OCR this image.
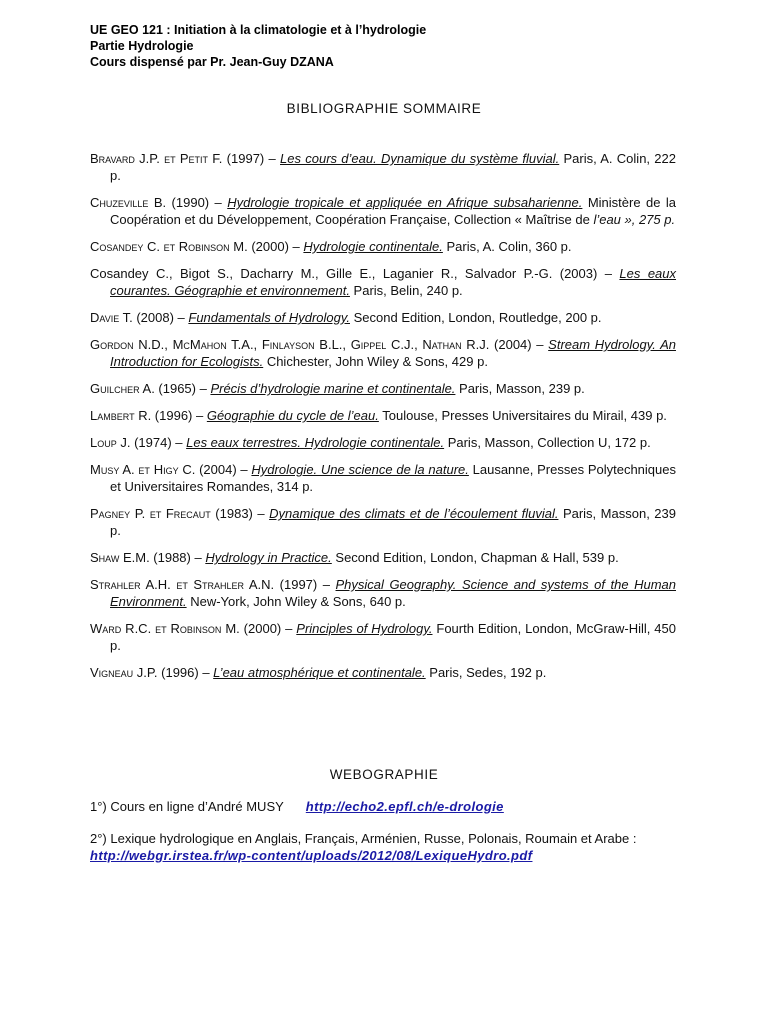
UE GEO 121 : Initiation à la climatologie et à l’hydrologie
Partie Hydrologie
Cours dispensé par Pr. Jean-Guy DZANA
BIBLIOGRAPHIE SOMMAIRE
Bravard J.P. et Petit F. (1997) – Les cours d’eau. Dynamique du système fluvial. Paris, A. Colin, 222 p.
Chuzeville B. (1990) – Hydrologie tropicale et appliquée en Afrique subsaharienne. Ministère de la Coopération et du Développement, Coopération Française, Collection « Maîtrise de l’eau », 275 p.
Cosandey C. et Robinson M. (2000) – Hydrologie continentale. Paris, A. Colin, 360 p.
Cosandey C., Bigot S., Dacharry M., Gille E., Laganier R., Salvador P.-G. (2003) – Les eaux courantes. Géographie et environnement. Paris, Belin, 240 p.
Davie T. (2008) – Fundamentals of Hydrology. Second Edition, London, Routledge, 200 p.
Gordon N.D., McMahon T.A., Finlayson B.L., Gippel C.J., Nathan R.J. (2004) – Stream Hydrology. An Introduction for Ecologists. Chichester, John Wiley & Sons, 429 p.
Guilcher A. (1965) – Précis d’hydrologie marine et continentale. Paris, Masson, 239 p.
Lambert R. (1996) – Géographie du cycle de l’eau. Toulouse, Presses Universitaires du Mirail, 439 p.
Loup J. (1974) – Les eaux terrestres. Hydrologie continentale. Paris, Masson, Collection U, 172 p.
Musy A. et Higy C. (2004) – Hydrologie. Une science de la nature. Lausanne, Presses Polytechniques et Universitaires Romandes, 314 p.
Pagney P. et Frecaut (1983) – Dynamique des climats et de l’écoulement fluvial. Paris, Masson, 239 p.
Shaw E.M. (1988) – Hydrology in Practice. Second Edition, London, Chapman & Hall, 539 p.
Strahler A.H. et Strahler A.N. (1997) – Physical Geography. Science and systems of the Human Environment. New-York, John Wiley & Sons, 640 p.
Ward R.C. et Robinson M. (2000) – Principles of Hydrology. Fourth Edition, London, McGraw-Hill, 450 p.
Vigneau J.P. (1996) – L’eau atmosphérique et continentale. Paris, Sedes, 192 p.
WEBOGRAPHIE
1°) Cours en ligne d’André MUSY http://echo2.epfl.ch/e-drologie
2°) Lexique hydrologique en Anglais, Français, Arménien, Russe, Polonais, Roumain et Arabe : http://webgr.irstea.fr/wp-content/uploads/2012/08/LexiqueHydro.pdf
